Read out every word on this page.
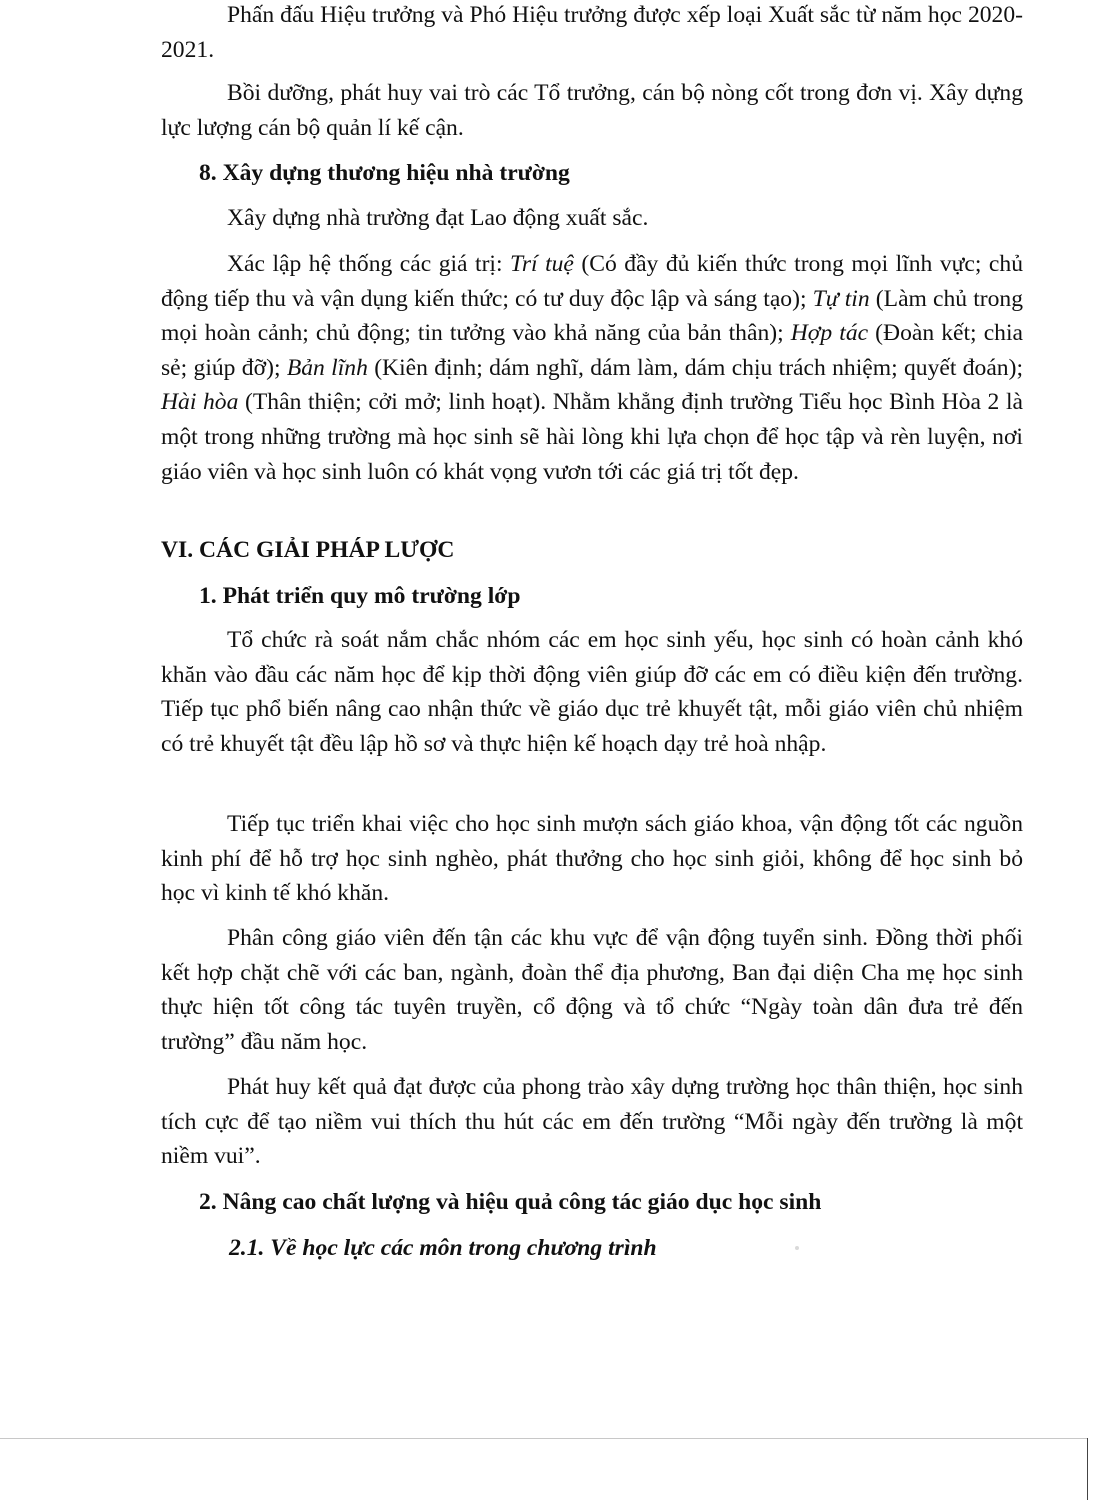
Phấn đấu Hiệu trưởng và Phó Hiệu trưởng được xếp loại Xuất sắc từ năm học 2020-2021.

Bồi dưỡng, phát huy vai trò các Tổ trưởng, cán bộ nòng cốt trong đơn vị. Xây dựng lực lượng cán bộ quản lí kế cận.

8. Xây dựng thương hiệu nhà trường

Xây dựng nhà trường đạt Lao động xuất sắc.

Xác lập hệ thống các giá trị: Trí tuệ (Có đầy đủ kiến thức trong mọi lĩnh vực; chủ động tiếp thu và vận dụng kiến thức; có tư duy độc lập và sáng tạo); Tự tin (Làm chủ trong mọi hoàn cảnh; chủ động; tin tưởng vào khả năng của bản thân); Hợp tác (Đoàn kết; chia sẻ; giúp đỡ); Bản lĩnh (Kiên định; dám nghĩ, dám làm, dám chịu trách nhiệm; quyết đoán); Hài hòa (Thân thiện; cởi mở; linh hoạt). Nhằm khẳng định trường Tiểu học Bình Hòa 2 là một trong những trường mà học sinh sẽ hài lòng khi lựa chọn để học tập và rèn luyện, nơi giáo viên và học sinh luôn có khát vọng vươn tới các giá trị tốt đẹp.

VI. CÁC GIẢI PHÁP LƯỢC
1. Phát triển quy mô trường lớp

Tổ chức rà soát nắm chắc nhóm các em học sinh yếu, học sinh có hoàn cảnh khó khăn vào đầu các năm học để kịp thời động viên giúp đỡ các em có điều kiện đến trường. Tiếp tục phổ biến nâng cao nhận thức về giáo dục trẻ khuyết tật, mỗi giáo viên chủ nhiệm có trẻ khuyết tật đều lập hồ sơ và thực hiện kế hoạch dạy trẻ hoà nhập.

Tiếp tục triển khai việc cho học sinh mượn sách giáo khoa, vận động tốt các nguồn kinh phí để hỗ trợ học sinh nghèo, phát thưởng cho học sinh giỏi, không để học sinh bỏ học vì kinh tế khó khăn.

Phân công giáo viên đến tận các khu vực để vận động tuyển sinh. Đồng thời phối kết hợp chặt chẽ với các ban, ngành, đoàn thể địa phương, Ban đại diện Cha mẹ học sinh thực hiện tốt công tác tuyên truyền, cổ động và tổ chức “Ngày toàn dân đưa trẻ đến trường” đầu năm học.

Phát huy kết quả đạt được của phong trào xây dựng trường học thân thiện, học sinh tích cực để tạo niềm vui thích thu hút các em đến trường “Mỗi ngày đến trường là một niềm vui”.

2. Nâng cao chất lượng và hiệu quả công tác giáo dục học sinh
2.1. Về học lực các môn trong chương trình
